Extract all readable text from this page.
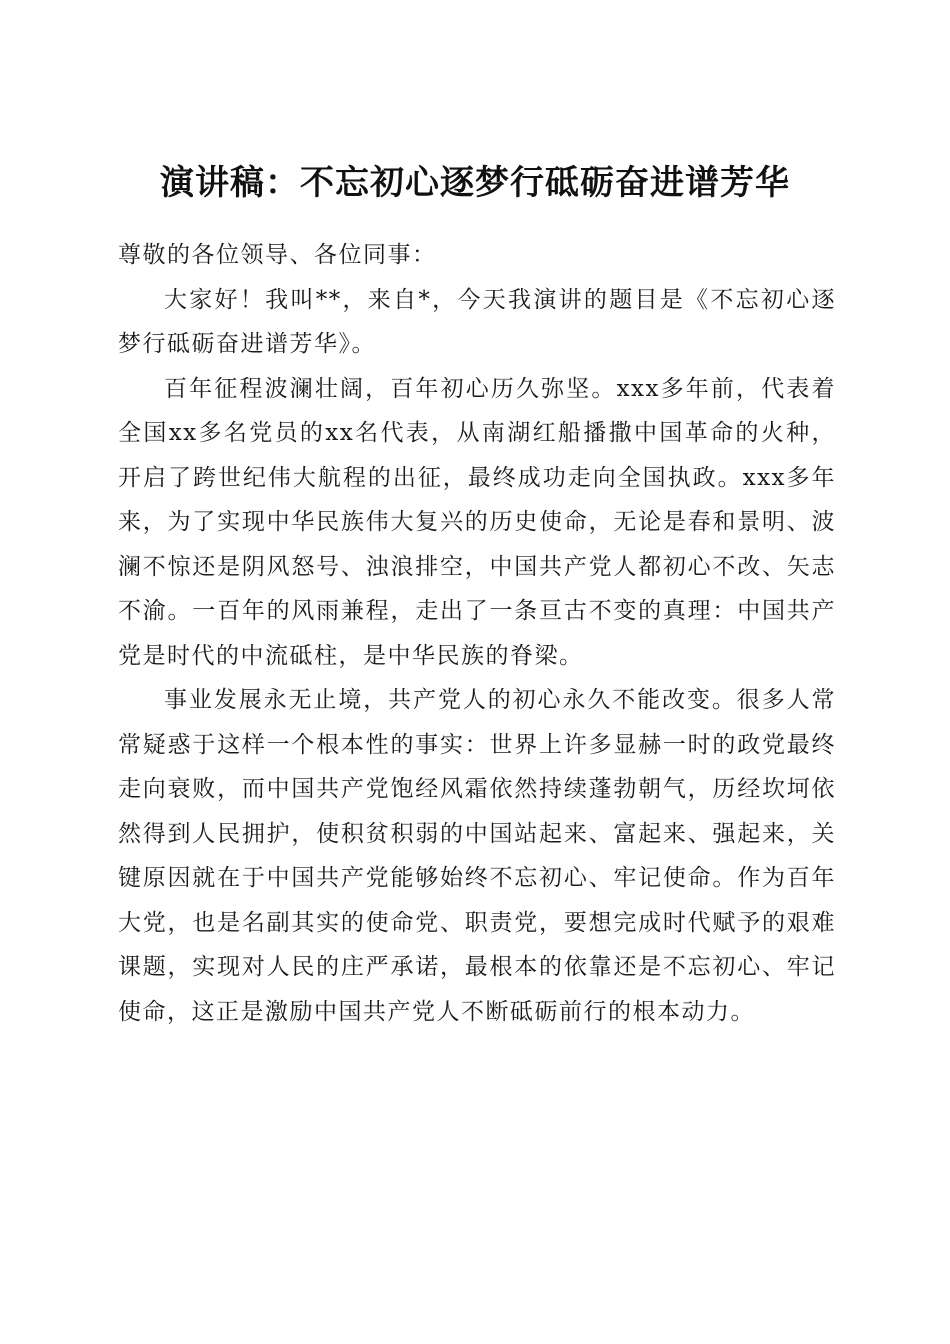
演讲稿：不忘初心逐梦行砥砺奋进谱芳华

尊敬的各位领导、各位同事：

大家好！我叫**，来自*，今天我演讲的题目是《不忘初心逐梦行砥砺奋进谱芳华》。

百年征程波澜壮阔，百年初心历久弥坚。xxx多年前，代表着全国xx多名党员的xx名代表，从南湖红船播撒中国革命的火种，开启了跨世纪伟大航程的出征，最终成功走向全国执政。xxx多年来，为了实现中华民族伟大复兴的历史使命，无论是春和景明、波澜不惊还是阴风怒号、浊浪排空，中国共产党人都初心不改、矢志不渝。一百年的风雨兼程，走出了一条亘古不变的真理：中国共产党是时代的中流砥柱，是中华民族的脊梁。

事业发展永无止境，共产党人的初心永久不能改变。很多人常常疑惑于这样一个根本性的事实：世界上许多显赫一时的政党最终走向衰败，而中国共产党饱经风霜依然持续蓬勃朝气，历经坎坷依然得到人民拥护，使积贫积弱的中国站起来、富起来、强起来，关键原因就在于中国共产党能够始终不忘初心、牢记使命。作为百年大党，也是名副其实的使命党、职责党，要想完成时代赋予的艰难课题，实现对人民的庄严承诺，最根本的依靠还是不忘初心、牢记使命，这正是激励中国共产党人不断砥砺前行的根本动力。
